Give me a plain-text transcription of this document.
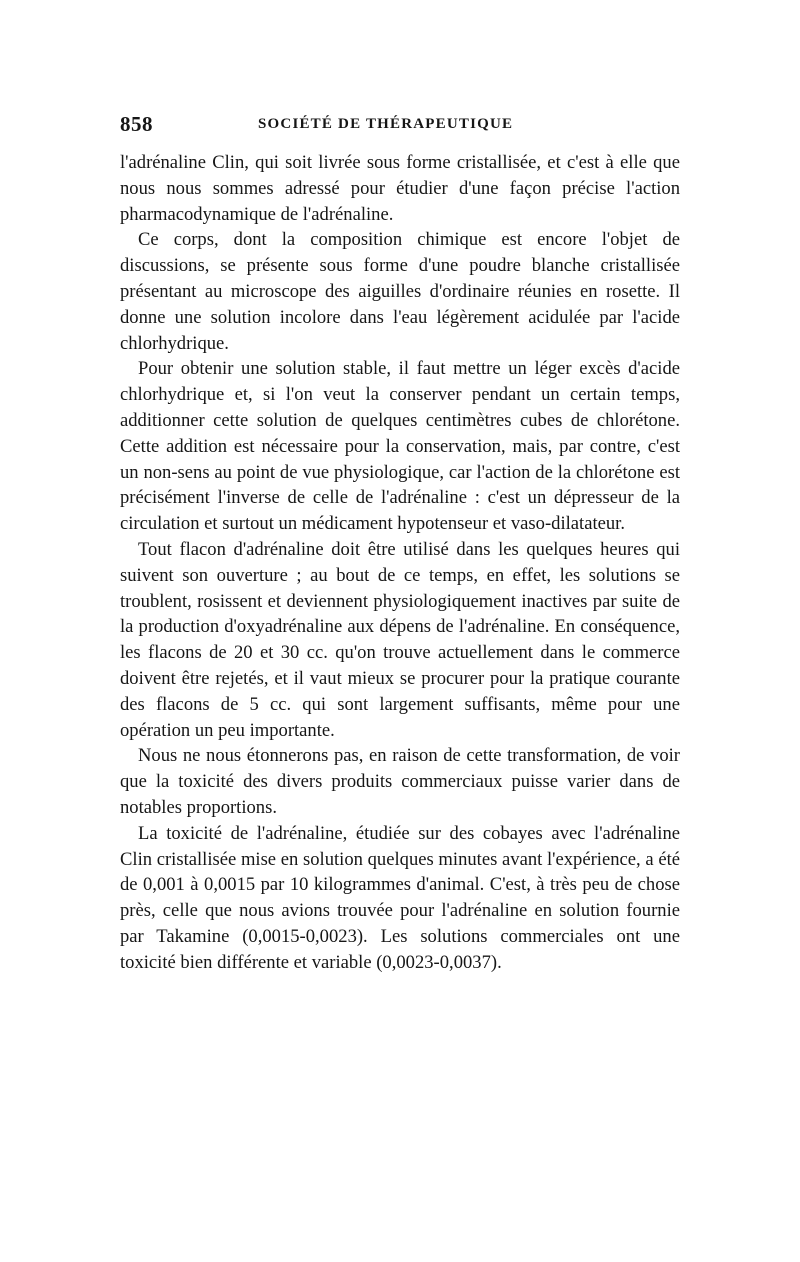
858	SOCIÉTÉ DE THÉRAPEUTIQUE

l'adrénaline Clin, qui soit livrée sous forme cristallisée, et c'est à elle que nous nous sommes adressé pour étudier d'une façon précise l'action pharmacodynamique de l'adrénaline.

Ce corps, dont la composition chimique est encore l'objet de discussions, se présente sous forme d'une poudre blanche cristallisée présentant au microscope des aiguilles d'ordinaire réunies en rosette. Il donne une solution incolore dans l'eau légèrement acidulée par l'acide chlorhydrique.

Pour obtenir une solution stable, il faut mettre un léger excès d'acide chlorhydrique et, si l'on veut la conserver pendant un certain temps, additionner cette solution de quelques centimètres cubes de chlorétone. Cette addition est nécessaire pour la conservation, mais, par contre, c'est un non-sens au point de vue physiologique, car l'action de la chlorétone est précisément l'inverse de celle de l'adrénaline : c'est un dépresseur de la circulation et surtout un médicament hypotenseur et vaso-dilatateur.

Tout flacon d'adrénaline doit être utilisé dans les quelques heures qui suivent son ouverture ; au bout de ce temps, en effet, les solutions se troublent, rosissent et deviennent physiologiquement inactives par suite de la production d'oxyadrénaline aux dépens de l'adrénaline. En conséquence, les flacons de 20 et 30 cc. qu'on trouve actuellement dans le commerce doivent être rejetés, et il vaut mieux se procurer pour la pratique courante des flacons de 5 cc. qui sont largement suffisants, même pour une opération un peu importante.

Nous ne nous étonnerons pas, en raison de cette transformation, de voir que la toxicité des divers produits commerciaux puisse varier dans de notables proportions.

La toxicité de l'adrénaline, étudiée sur des cobayes avec l'adrénaline Clin cristallisée mise en solution quelques minutes avant l'expérience, a été de 0,001 à 0,0015 par 10 kilogrammes d'animal. C'est, à très peu de chose près, celle que nous avions trouvée pour l'adrénaline en solution fournie par Takamine (0,0015-0,0023). Les solutions commerciales ont une toxicité bien différente et variable (0,0023-0,0037).
